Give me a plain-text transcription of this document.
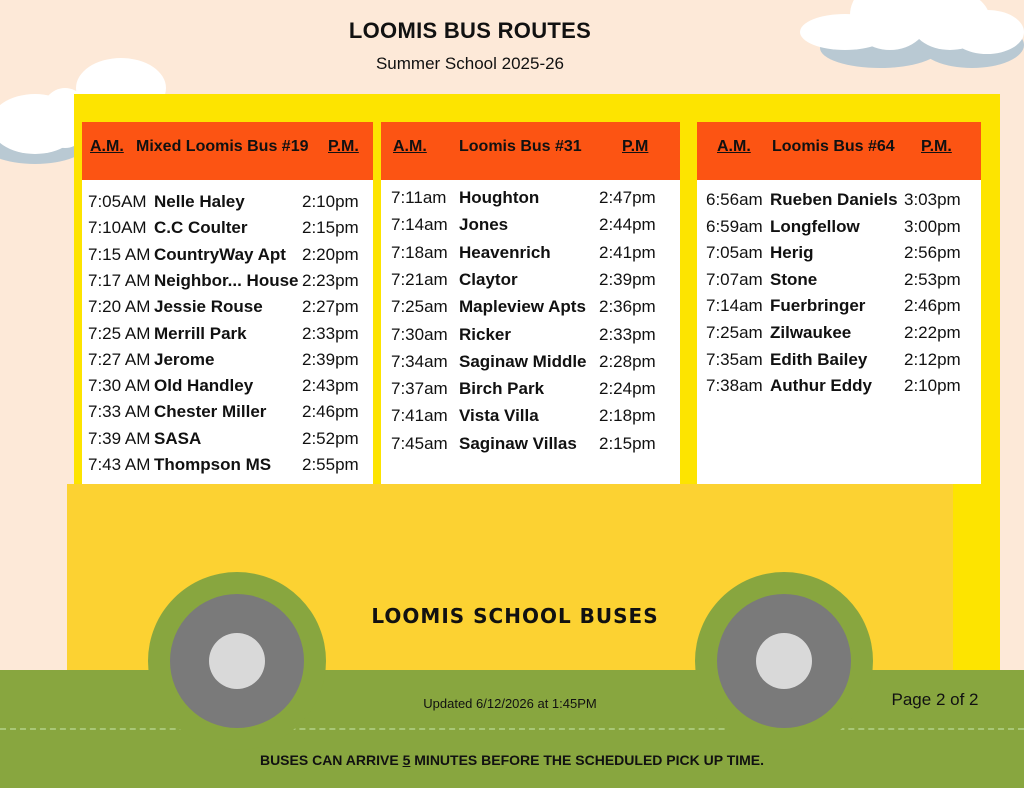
LOOMIS BUS ROUTES
Summer School 2025-26
A.M. Mixed Loomis Bus #19 P.M.
7:05AM Nelle Haley	2:10pm
7:10AM C.C Coulter	2:15pm
7:15 AM CountryWay Apt 2:20pm
7:17 AM Neighbor... House 2:23pm
7:20 AM Jessie Rouse 2:27pm
7:25 AM Merrill Park	2:33pm
7:27 AM Jerome	2:39pm
7:30 AM Old Handley	2:43pm
7:33 AM Chester Miller 2:46pm
7:39 AM SASA	2:52pm
7:43 AM Thompson MS 2:55pm
A.M. Loomis Bus #31	P.M
7:11am Houghton	2:47pm
7:14am Jones	2:44pm
7:18am Heavenrich	2:41pm
7:21am Claytor	2:39pm
7:25am Mapleview Apts 2:36pm
7:30am Ricker	2:33pm
7:34am Saginaw Middle 2:28pm
7:37am Birch Park	2:24pm
7:41am Vista Villa	2:18pm
7:45am Saginaw Villas 2:15pm
A.M. Loomis Bus #64 P.M.
6:56am Rueben Daniels 3:03pm
6:59am Longfellow	3:00pm
7:05am Herig	2:56pm
7:07am Stone	2:53pm
7:14am Fuerbringer 2:46pm
7:25am Zilwaukee	2:22pm
7:35am Edith Bailey 2:12pm
7:38am Authur Eddy 2:10pm
LOOMIS SCHOOL BUSES
Updated 6/12/2026 at 1:45PM	Page 2 of 2
BUSES CAN ARRIVE 5 MINUTES BEFORE THE SCHEDULED PICK UP TIME.
